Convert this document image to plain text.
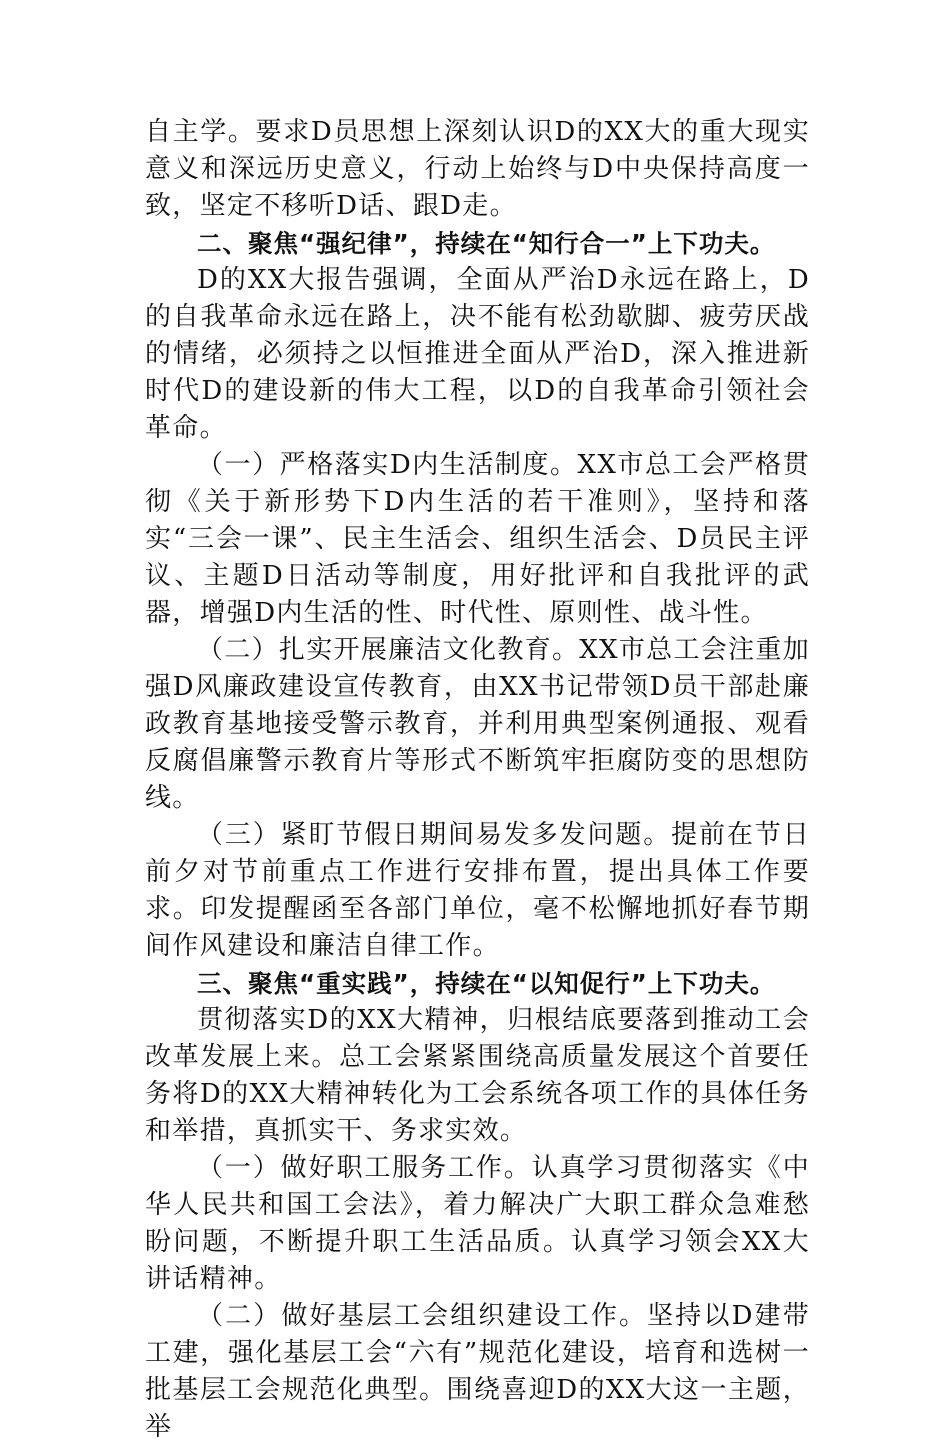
自主学。要求D员思想上深刻认识D的XX大的重大现实意义和深远历史意义，行动上始终与D中央保持高度一致，坚定不移听D话、跟D走。

二、聚焦“强纪律”，持续在“知行合一”上下功夫。

D的XX大报告强调，全面从严治D永远在路上，D的自我革命永远在路上，决不能有松劲歇脚、疲劳厌战的情绪，必须持之以恒推进全面从严治D，深入推进新时代D的建设新的伟大工程，以D的自我革命引领社会革命。

（一）严格落实D内生活制度。XX市总工会严格贯彻《关于新形势下D内生活的若干准则》，坚持和落实“三会一课”、民主生活会、组织生活会、D员民主评议、主题D日活动等制度，用好批评和自我批评的武器，增强D内生活的性、时代性、原则性、战斗性。

（二）扎实开展廉洁文化教育。XX市总工会注重加强D风廉政建设宣传教育，由XX书记带领D员干部赴廉政教育基地接受警示教育，并利用典型案例通报、观看反腐倡廉警示教育片等形式不断筑牢拒腐防变的思想防线。

（三）紧盯节假日期间易发多发问题。提前在节日前夕对节前重点工作进行安排布置，提出具体工作要求。印发提醒函至各部门单位，毫不松懈地抓好春节期间作风建设和廉洁自律工作。

三、聚焦“重实践”，持续在“以知促行”上下功夫。

贯彻落实D的XX大精神，归根结底要落到推动工会改革发展上来。总工会紧紧围绕高质量发展这个首要任务将D的XX大精神转化为工会系统各项工作的具体任务和举措，真抓实干、务求实效。

（一）做好职工服务工作。认真学习贯彻落实《中华人民共和国工会法》，着力解决广大职工群众急难愁盼问题，不断提升职工生活品质。认真学习领会XX大讲话精神。

（二）做好基层工会组织建设工作。坚持以D建带工建，强化基层工会“六有”规范化建设，培育和选树一批基层工会规范化典型。围绕喜迎D的XX大这一主题，举
